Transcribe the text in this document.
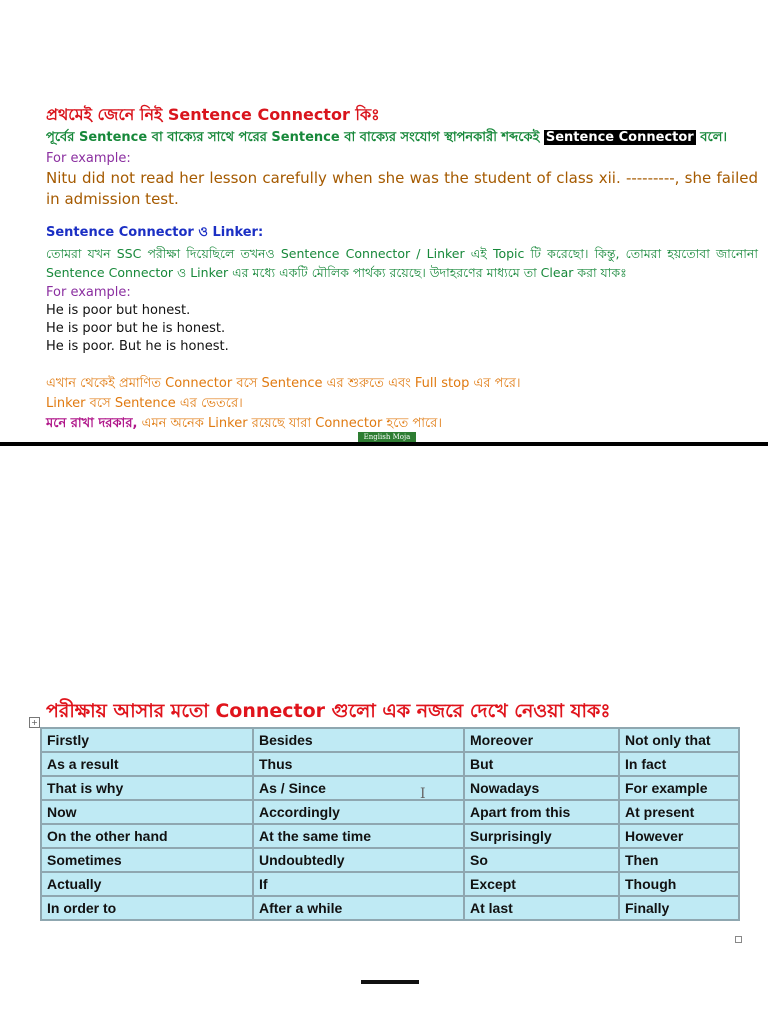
প্রথমেই জেনে নিই Sentence Connector কিঃ

পূর্বের Sentence বা বাক্যের সাথে পরের Sentence বা বাক্যের সংযোগ স্থাপনকারী শব্দকেই Sentence Connector বলে।

For example:

Nitu did not read her lesson carefully when she was the student of class xii. ---------, she failed in admission test.

Sentence Connector ও Linker:

তোমরা যখন SSC পরীক্ষা দিয়েছিলে তখনও Sentence Connector / Linker এই Topic টি করেছো। কিন্তু, তোমরা হয়তোবা জানোনা Sentence Connector ও Linker এর মধ্যে একটি মৌলিক পার্থক্য রয়েছে। উদাহরণের মাধ্যমে তা Clear করা যাকঃ

For example:

He is poor but honest.

He is poor but he is honest.

He is poor. But he is honest.

এখান থেকেই প্রমাণিত Connector বসে Sentence এর শুরুতে এবং Full stop এর পরে।

Linker বসে Sentence এর ভেতরে।

মনে রাখা দরকার, এমন অনেক Linker রয়েছে যারা Connector হতে পারে।

English Moja

পরীক্ষায় আসার মতো Connector গুলো এক নজরে দেখে নেওয়া যাকঃ

+
Firstly	Besides	Moreover	Not only that
As a result	Thus	But	In fact
That is why	As / Since	Nowadays	For example
Now	Accordingly	Apart from this	At present
On the other hand	At the same time	Surprisingly	However
Sometimes	Undoubtedly	So	Then
Actually	If	Except	Though
In order to	After a while	At last	Finally
I
